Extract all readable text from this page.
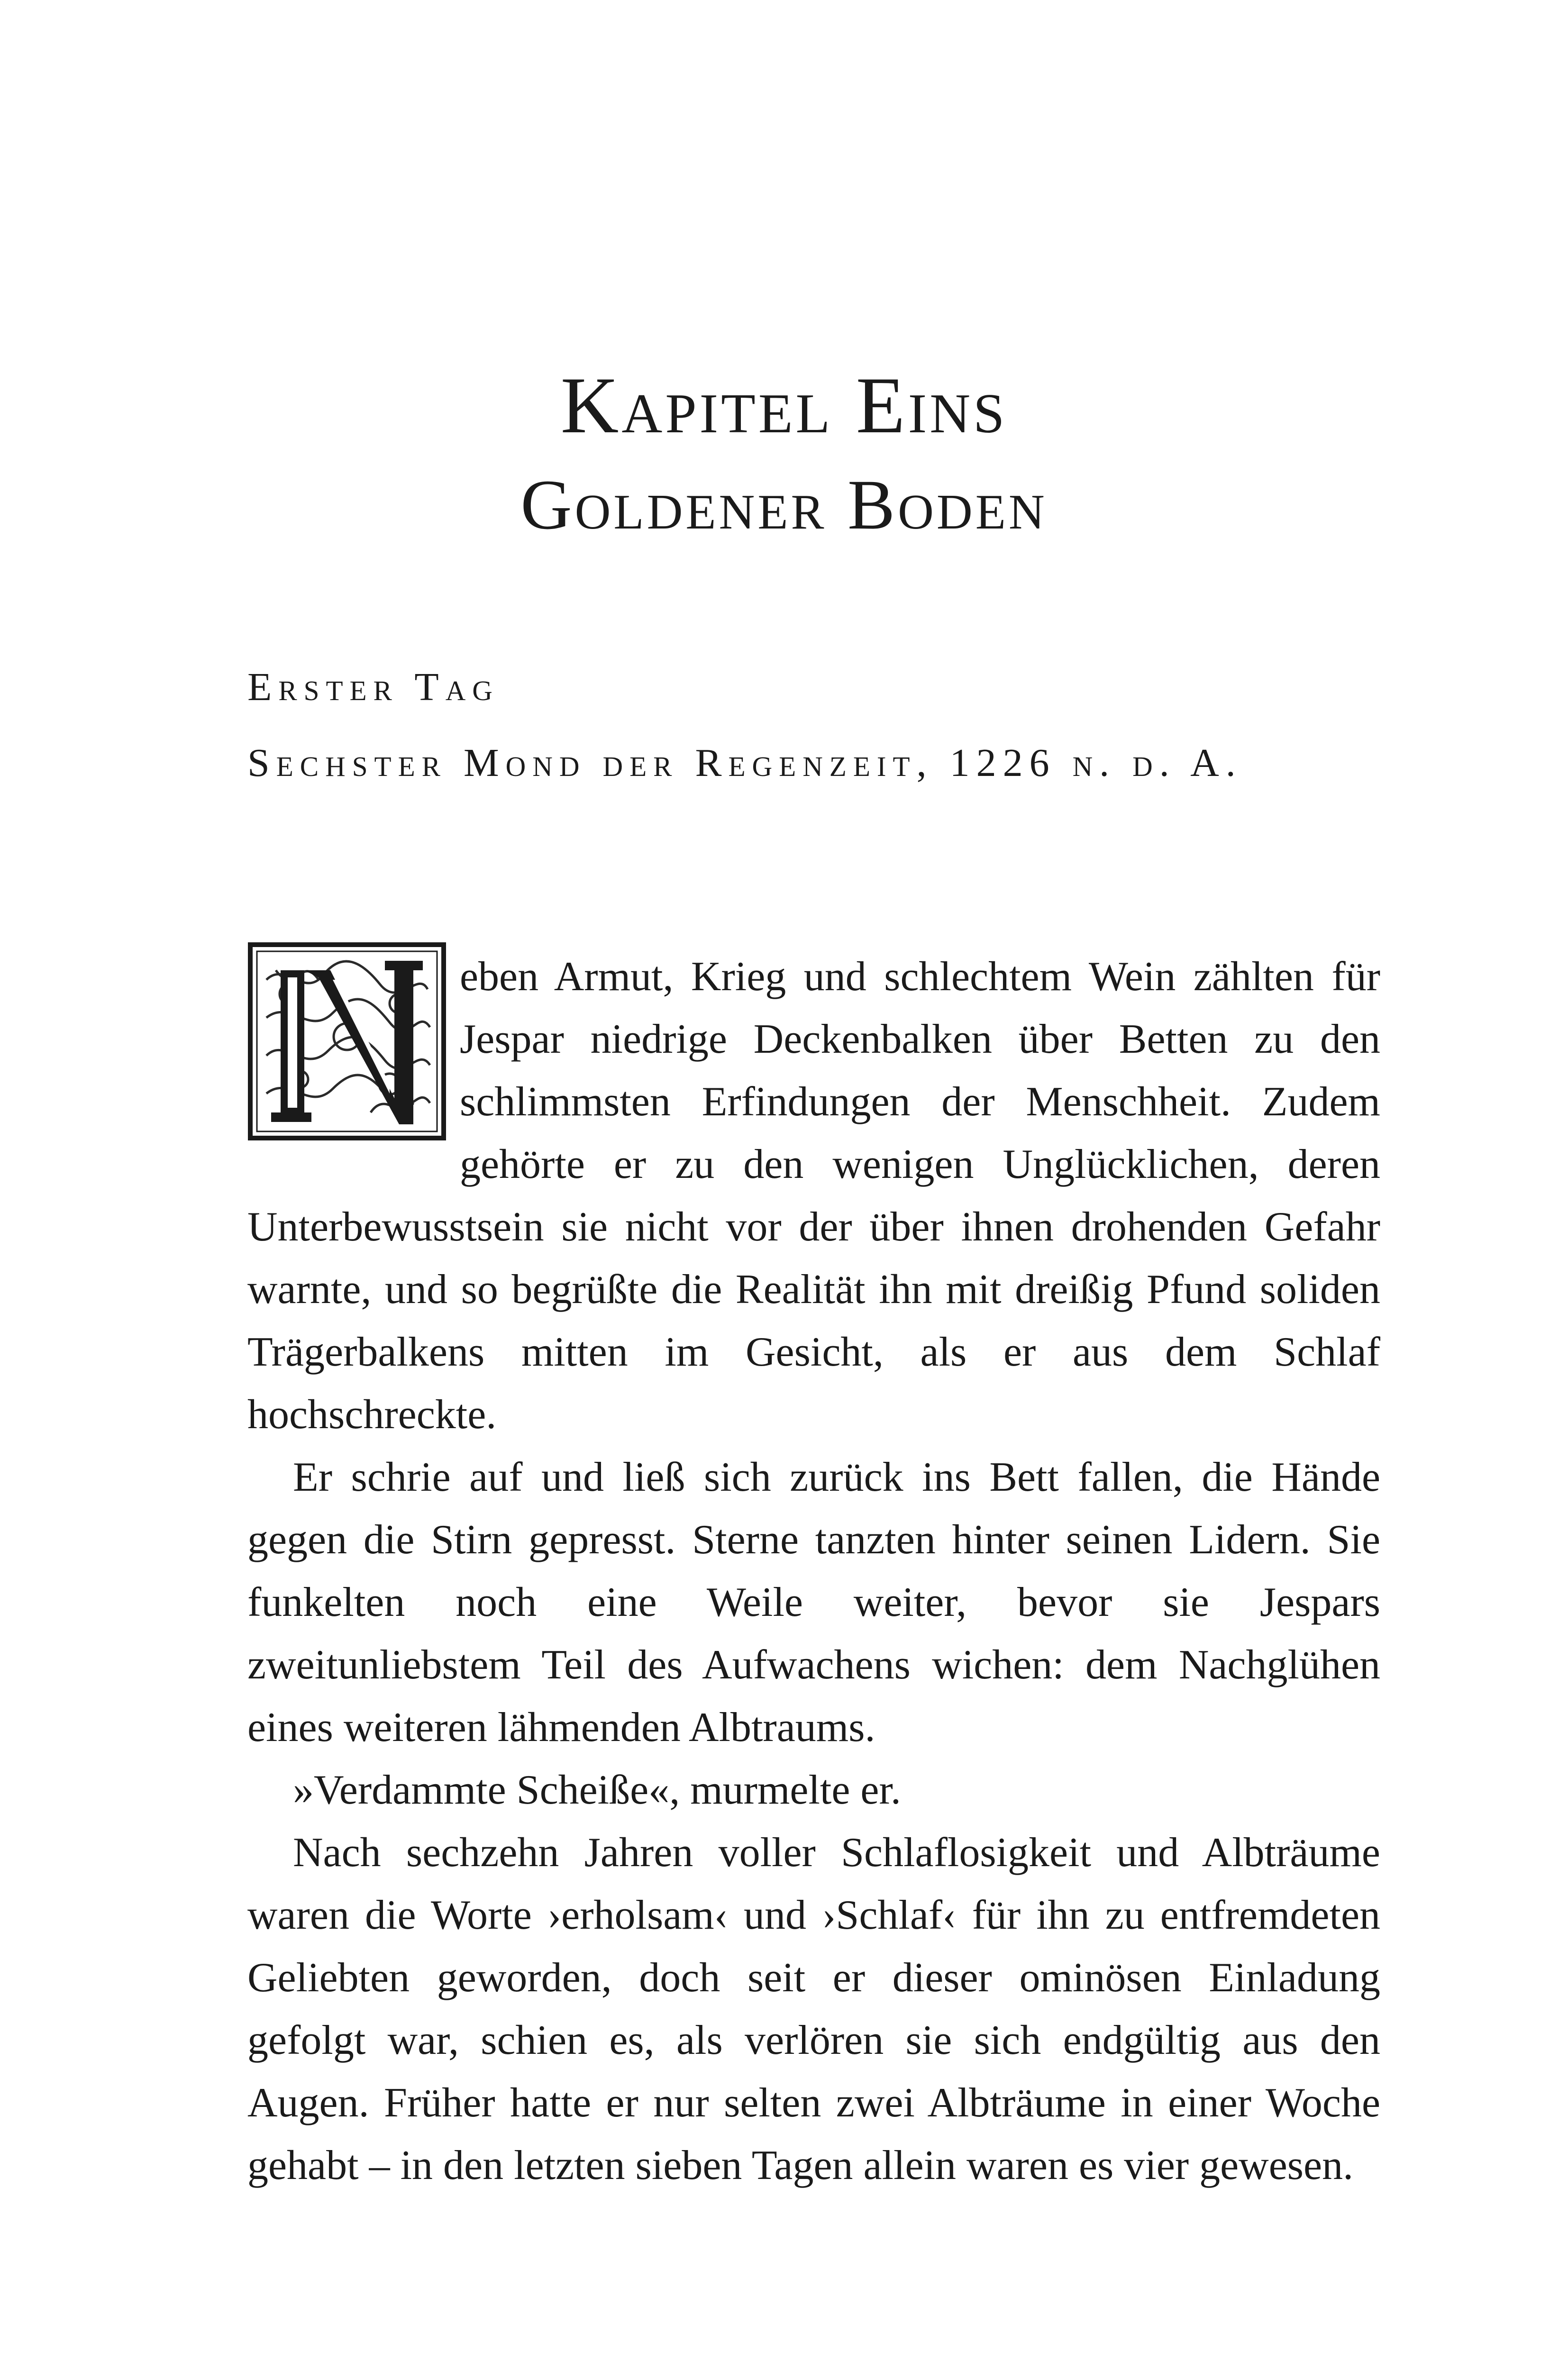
Kapitel Eins
Goldener Boden
Erster Tag
Sechster Mond der Regenzeit, 1226 n. d. A.

eben Armut, Krieg und schlechtem Wein zählten für Jespar niedrige Deckenbalken über Betten zu den schlimmsten Erfindungen der Menschheit. Zudem gehörte er zu den wenigen Unglücklichen, deren Unterbewusstsein sie nicht vor der über ihnen drohenden Gefahr warnte, und so begrüßte die Realität ihn mit dreißig Pfund soliden Trägerbalkens mitten im Gesicht, als er aus dem Schlaf hochschreckte.

Er schrie auf und ließ sich zurück ins Bett fallen, die Hände gegen die Stirn gepresst. Sterne tanzten hinter seinen Lidern. Sie funkelten noch eine Weile weiter, bevor sie Jespars zweitunliebstem Teil des Aufwachens wichen: dem Nachglühen eines weiteren lähmenden Albtraums.

»Verdammte Scheiße«, murmelte er.

Nach sechzehn Jahren voller Schlaflosigkeit und Albträume waren die Worte ›erholsam‹ und ›Schlaf‹ für ihn zu entfremdeten Geliebten geworden, doch seit er dieser ominösen Einladung gefolgt war, schien es, als verlören sie sich endgültig aus den Augen. Früher hatte er nur selten zwei Albträume in einer Woche gehabt – in den letzten sieben Tagen allein waren es vier gewesen.
